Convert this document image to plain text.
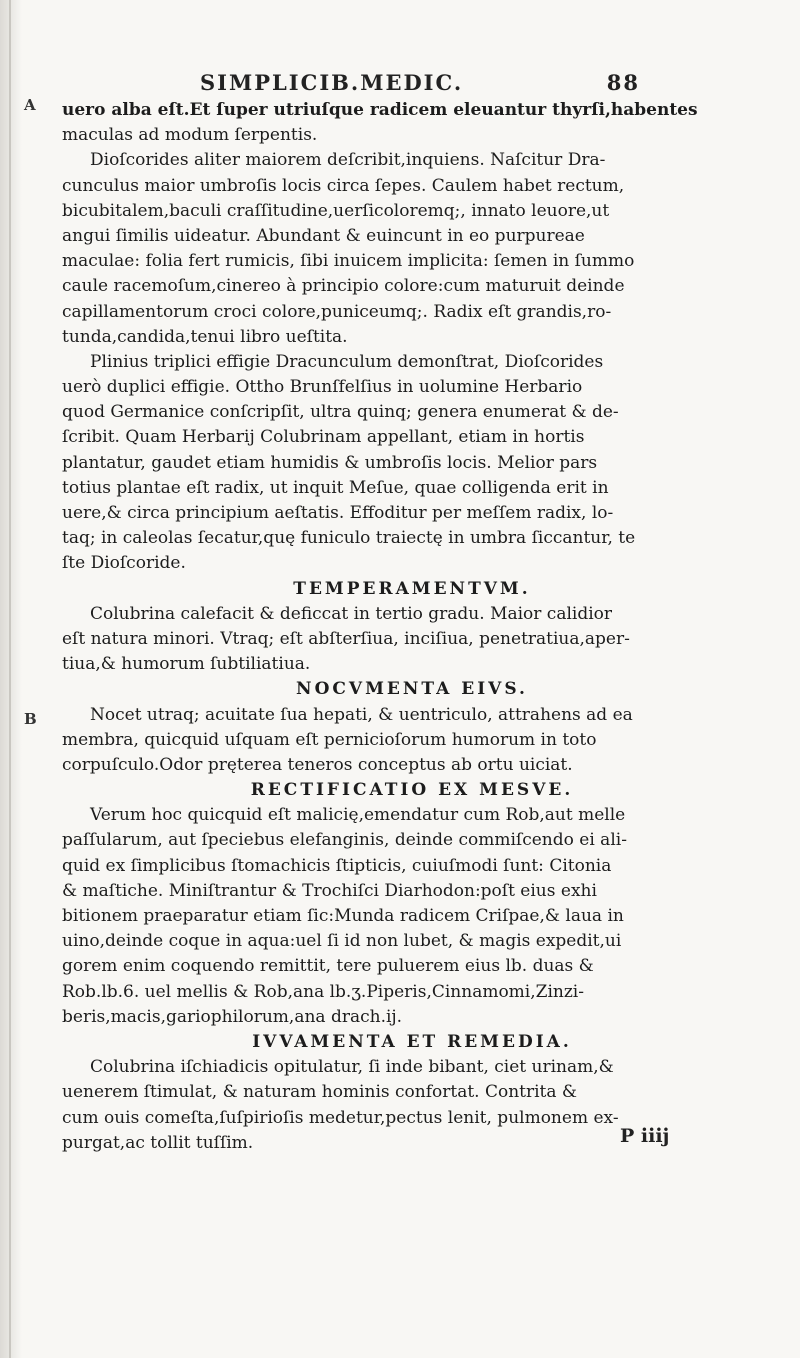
SIMPLICIB.MEDIC.	88
A
B
uero alba eſt.Et ſuper utriuſque radicem eleuantur thyrſi,habentes
maculas ad modum ſerpentis.
Dioſcorides aliter maiorem deſcribit,inquiens. Naſcitur Dra-
cunculus maior umbroſis locis circa ſepes. Caulem habet rectum,
bicubitalem,baculi craſſitudine,uerſicoloremq;, innato leuore,ut
angui ſimilis uideatur. Abundant & euincunt in eo purpureae
maculae: folia fert rumicis, ſibi inuicem implicita: ſemen in ſummo
caule racemoſum,cinereo à principio colore:cum maturuit deinde
capillamentorum croci colore,puniceumq;. Radix eſt grandis,ro-
tunda,candida,tenui libro ueſtita.
Plinius triplici effigie Dracunculum demonſtrat, Dioſcorides
uerò duplici effigie. Ottho Brunſfelſius in uolumine Herbario
quod Germanice conſcripſit, ultra quinq; genera enumerat & de-
ſcribit. Quam Herbarij Colubrinam appellant, etiam in hortis
plantatur, gaudet etiam humidis & umbroſis locis. Melior pars
totius plantae eſt radix, ut inquit Meſue, quae colligenda erit in
uere,& circa principium aeſtatis. Effoditur per meſſem radix, lo-
taq; in caleolas ſecatur,quę funiculo traiectę in umbra ſiccantur, te
ſte Dioſcoride.
TEMPERAMENTVM.
Colubrina calefacit & deficcat in tertio gradu. Maior calidior
eſt natura minori. Vtraq; eſt abſterſiua, inciſiua, penetratiua,aper-
tiua,& humorum ſubtiliatiua.
NOCVMENTA EIVS.
Nocet utraq; acuitate ſua hepati, & uentriculo, attrahens ad ea
membra, quicquid uſquam eſt pernicioſorum humorum in toto
corpuſculo.Odor pręterea teneros conceptus ab ortu uiciat.
RECTIFICATIO EX MESVE.
Verum hoc quicquid eſt malicię,emendatur cum Rob,aut melle
paſſularum, aut ſpeciebus elefanginis, deinde commiſcendo ei ali-
quid ex ſimplicibus ſtomachicis ſtipticis, cuiuſmodi ſunt: Citonia
& maſtiche. Miniſtrantur & Trochiſci Diarhodon:poſt eius exhi
bitionem praeparatur etiam ſic:Munda radicem Criſpae,& laua in
uino,deinde coque in aqua:uel ſi id non lubet, & magis expedit,ui
gorem enim coquendo remittit, tere puluerem eius lb. duas &
Rob.lb.6. uel mellis & Rob,ana lb.ʒ.Piperis,Cinnamomi,Zinzi-
beris,macis,gariophilorum,ana drach.ij.
IVVAMENTA ET REMEDIA.
Colubrina iſchiadicis opitulatur, ſi inde bibant, ciet urinam,&
uenerem ſtimulat, & naturam hominis confortat. Contrita &
cum ouis comeſta,ſuſpirioſis medetur,pectus lenit, pulmonem ex-
purgat,ac tollit tuſſim.	P iiij
